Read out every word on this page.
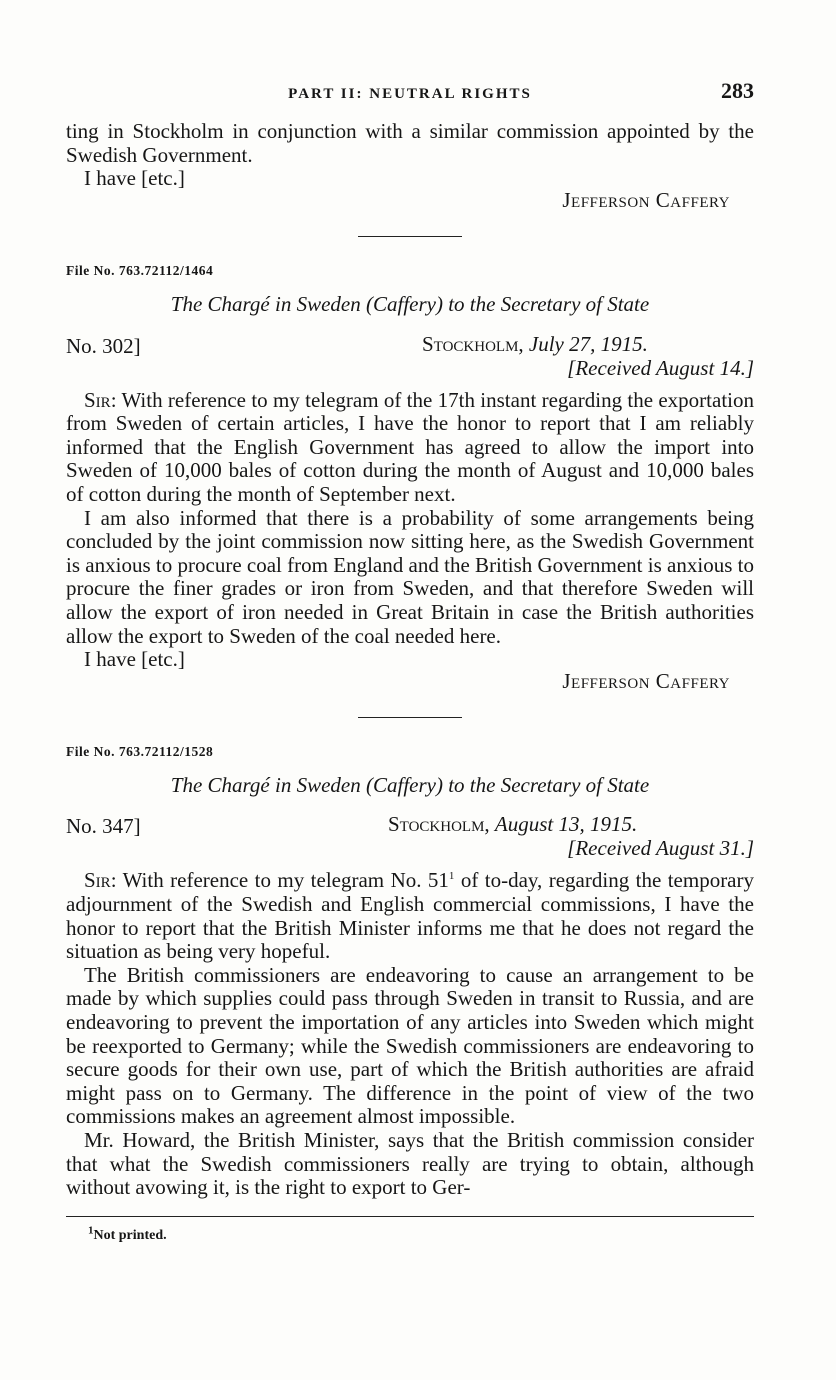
PART II: NEUTRAL RIGHTS	283

ting in Stockholm in conjunction with a similar commission appointed by the Swedish Government.

I have [etc.]

Jefferson Caffery

File No. 763.72112/1464
The Chargé in Sweden (Caffery) to the Secretary of State
No. 302]	Stockholm, July 27, 1915.
[Received August 14.]

Sir: With reference to my telegram of the 17th instant regarding the exportation from Sweden of certain articles, I have the honor to report that I am reliably informed that the English Government has agreed to allow the import into Sweden of 10,000 bales of cotton during the month of August and 10,000 bales of cotton during the month of September next.

I am also informed that there is a probability of some arrangements being concluded by the joint commission now sitting here, as the Swedish Government is anxious to procure coal from England and the British Government is anxious to procure the finer grades or iron from Sweden, and that therefore Sweden will allow the export of iron needed in Great Britain in case the British authorities allow the export to Sweden of the coal needed here.

I have [etc.]

Jefferson Caffery

File No. 763.72112/1528
The Chargé in Sweden (Caffery) to the Secretary of State
No. 347]	Stockholm, August 13, 1915.
[Received August 31.]

Sir: With reference to my telegram No. $51^1$ of to-day, regarding the temporary adjournment of the Swedish and English commercial commissions, I have the honor to report that the British Minister informs me that he does not regard the situation as being very hopeful.

The British commissioners are endeavoring to cause an arrangement to be made by which supplies could pass through Sweden in transit to Russia, and are endeavoring to prevent the importation of any articles into Sweden which might be reexported to Germany; while the Swedish commissioners are endeavoring to secure goods for their own use, part of which the British authorities are afraid might pass on to Germany. The difference in the point of view of the two commissions makes an agreement almost impossible.

Mr. Howard, the British Minister, says that the British commission consider that what the Swedish commissioners really are trying to obtain, although without avowing it, is the right to export to Ger-

$^1$Not printed.
